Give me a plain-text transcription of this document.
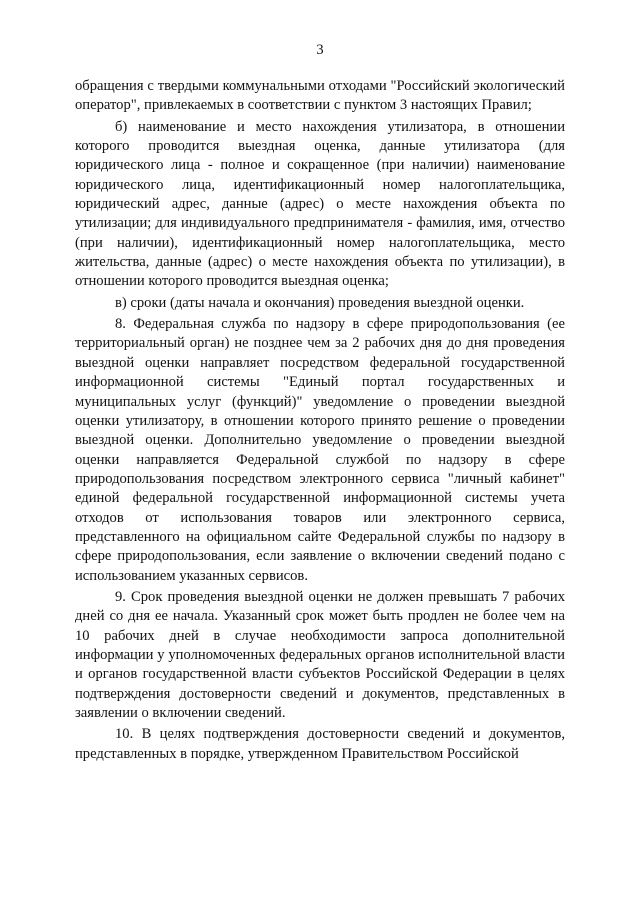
3

обращения с твердыми коммунальными отходами "Российский экологический оператор", привлекаемых в соответствии с пунктом 3 настоящих Правил;

б) наименование и место нахождения утилизатора, в отношении которого проводится выездная оценка, данные утилизатора (для юридического лица - полное и сокращенное (при наличии) наименование юридического лица, идентификационный номер налогоплательщика, юридический адрес, данные (адрес) о месте нахождения объекта по утилизации; для индивидуального предпринимателя - фамилия, имя, отчество (при наличии), идентификационный номер налогоплательщика, место жительства, данные (адрес) о месте нахождения объекта по утилизации), в отношении которого проводится выездная оценка;

в) сроки (даты начала и окончания) проведения выездной оценки.

8. Федеральная служба по надзору в сфере природопользования (ее территориальный орган) не позднее чем за 2 рабочих дня до дня проведения выездной оценки направляет посредством федеральной государственной информационной системы "Единый портал государственных и муниципальных услуг (функций)" уведомление о проведении выездной оценки утилизатору, в отношении которого принято решение о проведении выездной оценки. Дополнительно уведомление о проведении выездной оценки направляется Федеральной службой по надзору в сфере природопользования посредством электронного сервиса "личный кабинет" единой федеральной государственной информационной системы учета отходов от использования товаров или электронного сервиса, представленного на официальном сайте Федеральной службы по надзору в сфере природопользования, если заявление о включении сведений подано с использованием указанных сервисов.

9. Срок проведения выездной оценки не должен превышать 7 рабочих дней со дня ее начала. Указанный срок может быть продлен не более чем на 10 рабочих дней в случае необходимости запроса дополнительной информации у уполномоченных федеральных органов исполнительной власти и органов государственной власти субъектов Российской Федерации в целях подтверждения достоверности сведений и документов, представленных в заявлении о включении сведений.

10. В целях подтверждения достоверности сведений и документов, представленных в порядке, утвержденном Правительством Российской
